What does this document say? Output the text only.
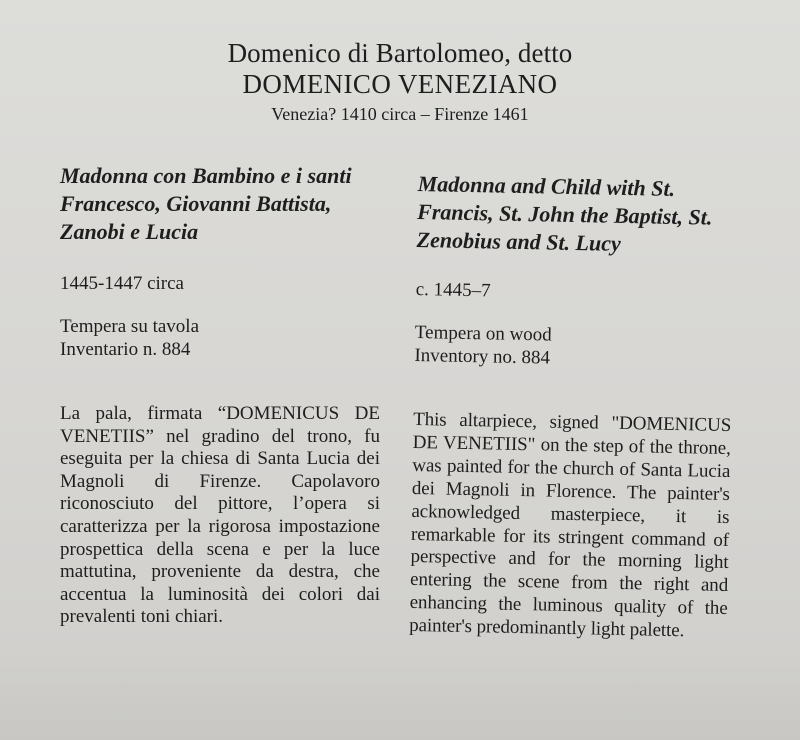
Domenico di Bartolomeo, detto
DOMENICO VENEZIANO
Venezia? 1410 circa – Firenze 1461
Madonna con Bambino e i santi Francesco, Giovanni Battista, Zanobi e Lucia
1445-1447 circa
Tempera su tavola
Inventario n. 884
La pala, firmata “DOMENICUS DE VENETIIS” nel gradino del trono, fu eseguita per la chiesa di Santa Lucia dei Magnoli di Firenze. Capolavoro riconosciuto del pittore, l’opera si caratterizza per la rigorosa impostazione prospettica della scena e per la luce mattutina, proveniente da destra, che accentua la luminosità dei colori dai prevalenti toni chiari.
Madonna and Child with St. Francis, St. John the Baptist, St. Zenobius and St. Lucy
c. 1445–7
Tempera on wood
Inventory no. 884
This altarpiece, signed "DOMENICUS DE VENETIIS" on the step of the throne, was painted for the church of Santa Lucia dei Magnoli in Florence. The painter's acknowledged masterpiece, it is remarkable for its stringent command of perspective and for the morning light entering the scene from the right and enhancing the luminous quality of the painter's predominantly light palette.
